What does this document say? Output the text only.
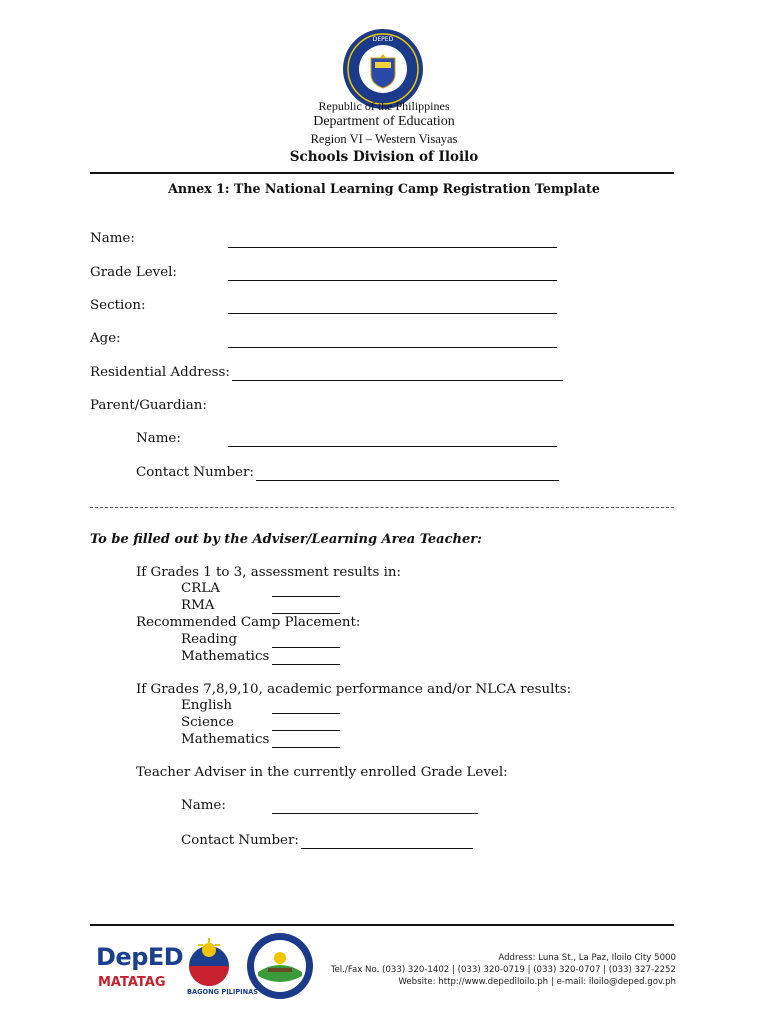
DEPED
Republic of the Philippines
Department of Education
Region VI – Western Visayas
Schools Division of Iloilo
Annex 1: The National Learning Camp Registration Template
Name:
Grade Level:
Section:
Age:
Residential Address:
Parent/Guardian:
Name:
Contact Number:
To be filled out by the Adviser/Learning Area Teacher:
If Grades 1 to 3, assessment results in:
CRLA
RMA
Recommended Camp Placement:
Reading
Mathematics
If Grades 7,8,9,10, academic performance and/or NLCA results:
English
Science
Mathematics
Teacher Adviser in the currently enrolled Grade Level:
Name:
Contact Number:
DepED
MATATAG
BAGONG PILIPINAS
Address: Luna St., La Paz, Iloilo City 5000
Tel./Fax No. (033) 320-1402 | (033) 320-0719 | (033) 320-0707 | (033) 327-2252
Website: http://www.depediloilo.ph | e-mail: iloilo@deped.gov.ph
